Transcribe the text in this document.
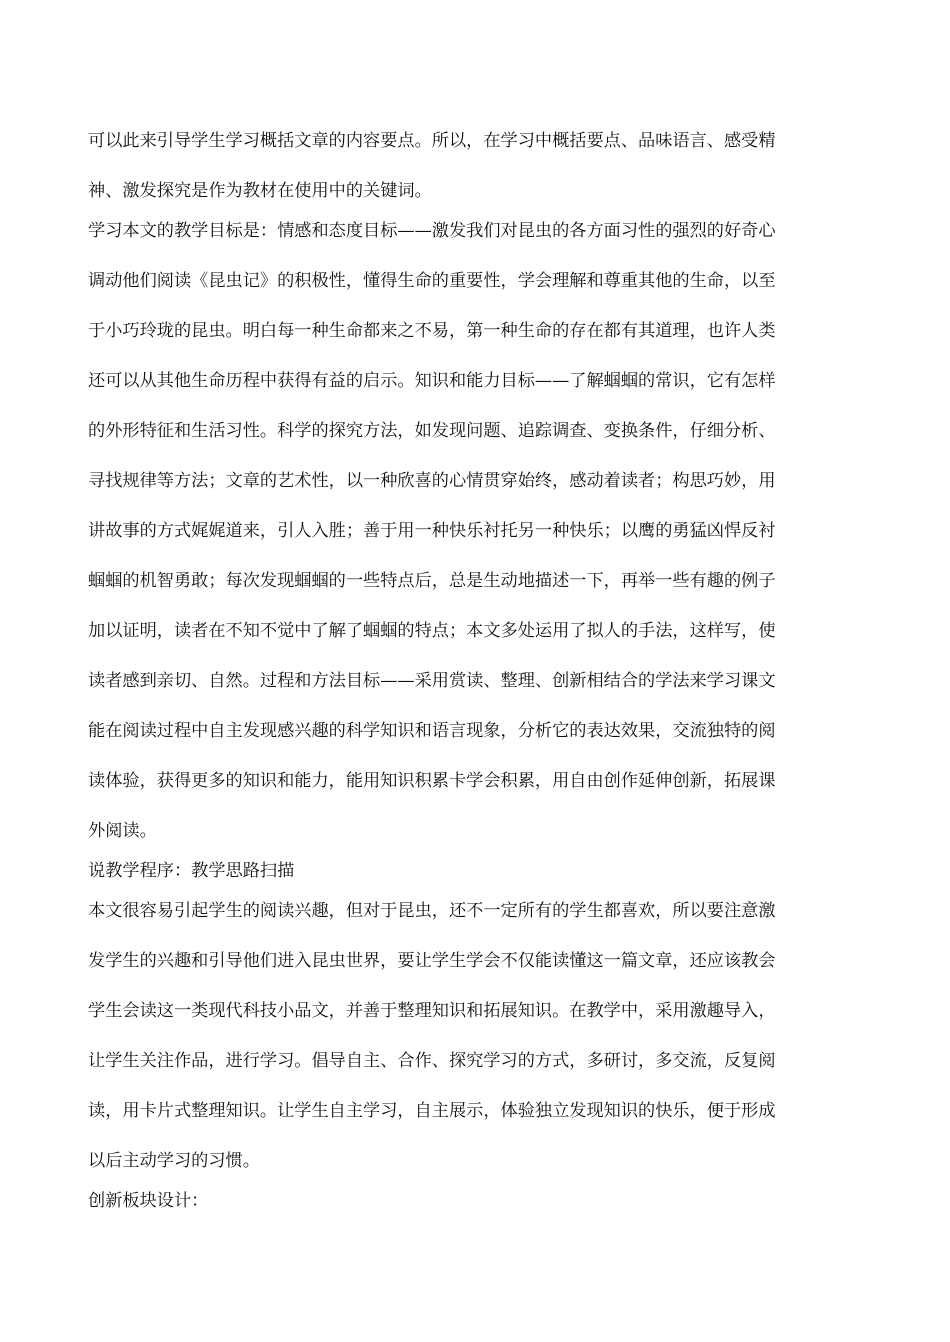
可以此来引导学生学习概括文章的内容要点。所以，在学习中概括要点、品味语言、感受精
神、激发探究是作为教材在使用中的关键词。
学习本文的教学目标是：情感和态度目标——激发我们对昆虫的各方面习性的强烈的好奇心
调动他们阅读《昆虫记》的积极性，懂得生命的重要性，学会理解和尊重其他的生命，以至
于小巧玲珑的昆虫。明白每一种生命都来之不易，第一种生命的存在都有其道理，也许人类
还可以从其他生命历程中获得有益的启示。知识和能力目标——了解蝈蝈的常识，它有怎样
的外形特征和生活习性。科学的探究方法，如发现问题、追踪调查、变换条件，仔细分析、
寻找规律等方法；文章的艺术性，以一种欣喜的心情贯穿始终，感动着读者；构思巧妙，用
讲故事的方式娓娓道来，引人入胜；善于用一种快乐衬托另一种快乐；以鹰的勇猛凶悍反衬
蝈蝈的机智勇敢；每次发现蝈蝈的一些特点后，总是生动地描述一下，再举一些有趣的例子
加以证明，读者在不知不觉中了解了蝈蝈的特点；本文多处运用了拟人的手法，这样写，使
读者感到亲切、自然。过程和方法目标——采用赏读、整理、创新相结合的学法来学习课文
能在阅读过程中自主发现感兴趣的科学知识和语言现象，分析它的表达效果，交流独特的阅
读体验，获得更多的知识和能力，能用知识积累卡学会积累，用自由创作延伸创新，拓展课
外阅读。
说教学程序：教学思路扫描
本文很容易引起学生的阅读兴趣，但对于昆虫，还不一定所有的学生都喜欢，所以要注意激
发学生的兴趣和引导他们进入昆虫世界，要让学生学会不仅能读懂这一篇文章，还应该教会
学生会读这一类现代科技小品文，并善于整理知识和拓展知识。在教学中，采用激趣导入，
让学生关注作品，进行学习。倡导自主、合作、探究学习的方式，多研讨，多交流，反复阅
读，用卡片式整理知识。让学生自主学习，自主展示，体验独立发现知识的快乐，便于形成
以后主动学习的习惯。
创新板块设计：
